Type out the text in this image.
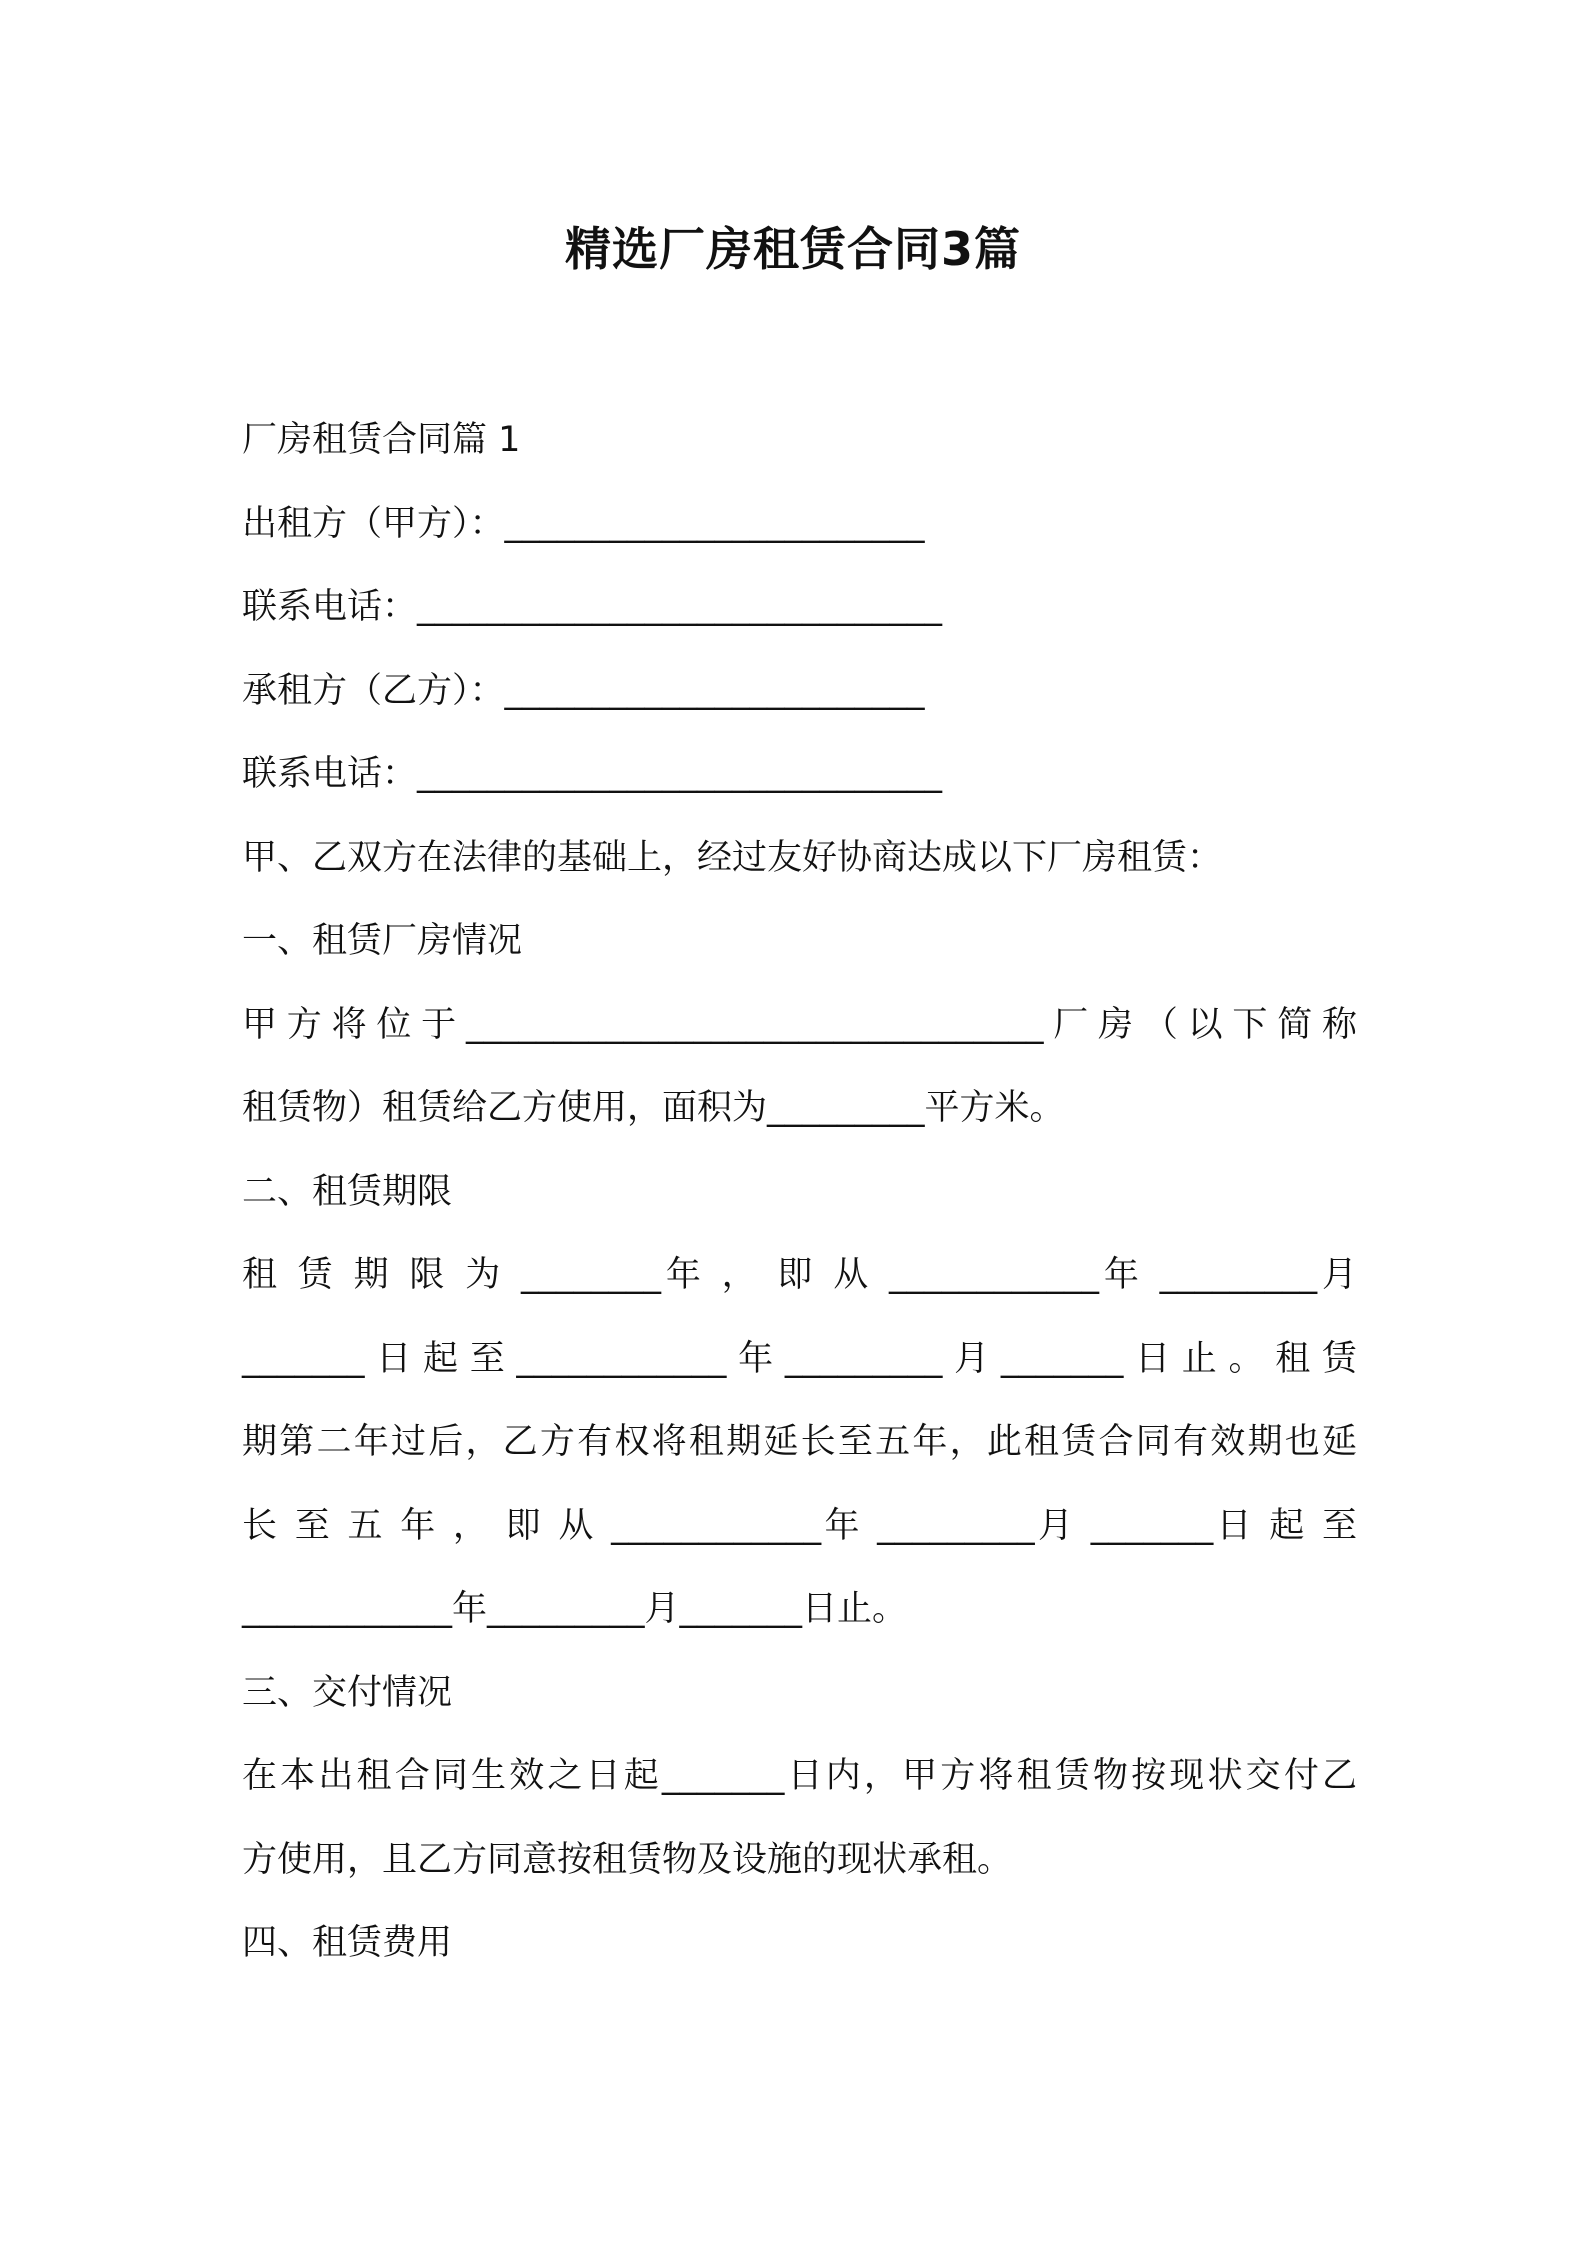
精选厂房租赁合同3篇
厂房租赁合同篇 1
出租方（甲方）：________________________
联系电话：______________________________
承租方（乙方）：________________________
联系电话：______________________________
甲、乙双方在法律的基础上，经过友好协商达成以下厂房租赁：
一、租赁厂房情况
甲方将位于_________________________________厂房（以下简称
租赁物）租赁给乙方使用，面积为_________平方米。
二、租赁期限
租 赁 期 限 为 ________年 ， 即 从 ____________年 _________月
_______日起至____________年_________月_______日止。租赁
期第二年过后，乙方有权将租期延长至五年，此租赁合同有效期也延
长 至 五 年 ， 即 从 ____________年 _________月 _______日 起 至
____________年_________月_______日止。
三、交付情况
在本出租合同生效之日起_______日内，甲方将租赁物按现状交付乙
方使用，且乙方同意按租赁物及设施的现状承租。
四、租赁费用
